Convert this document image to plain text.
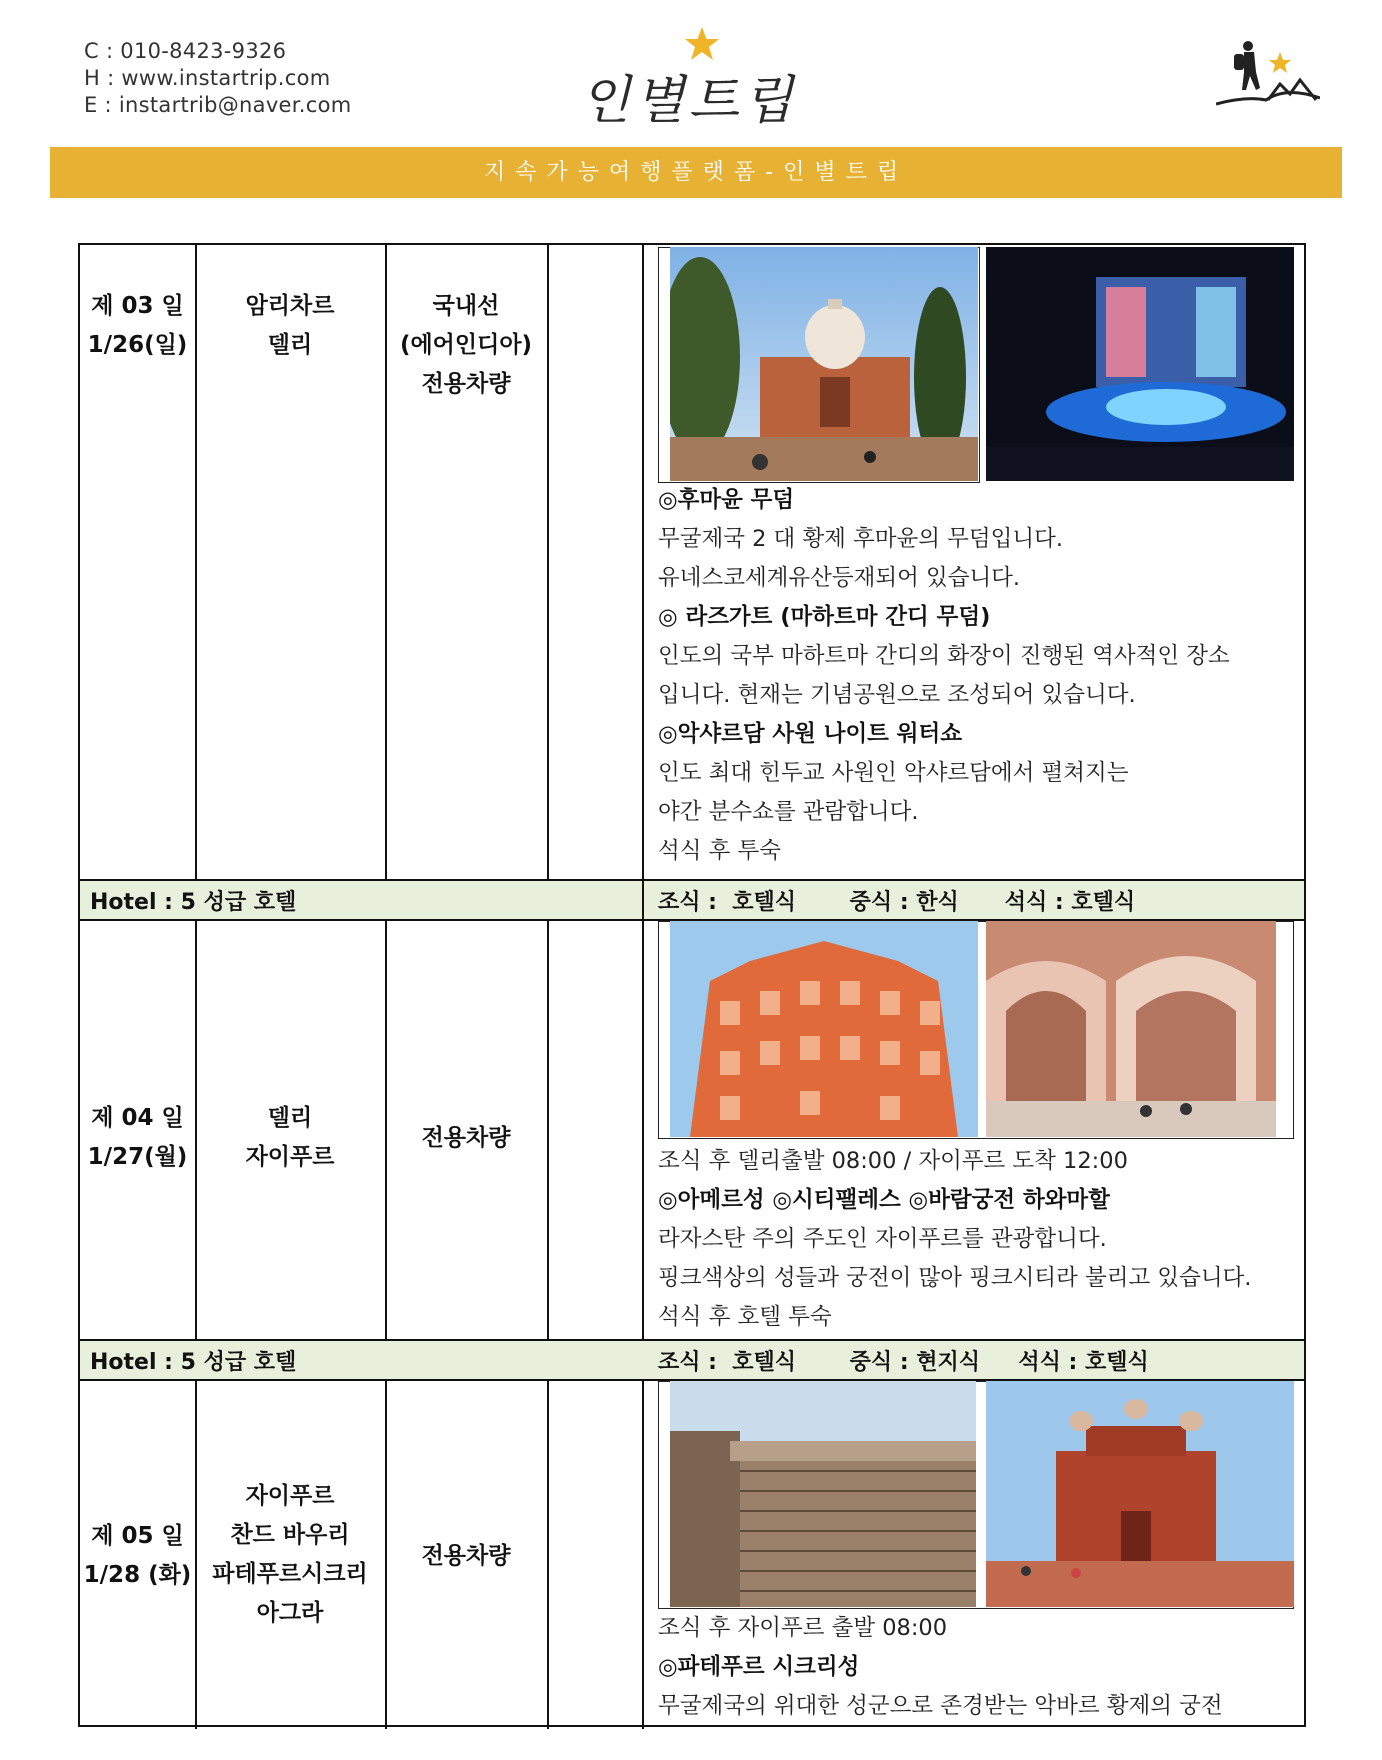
C : 010-8423-9326
H : www.instartrip.com
E : instartrib@naver.com	인별트립
지속가능여행플랫폼-인별트립
Hotel : 5 성급 호텔
Hotel : 5 성급 호텔
조식 :  호텔식       중식 : 한식      석식 : 호텔식
조식 :  호텔식       중식 : 현지식     석식 : 호텔식
제 03 일
1/26(일)
암리차르
델리
국내선
(에어인디아)
전용차량
◎후마윤 무덤
무굴제국 2 대 황제 후마윤의 무덤입니다.
유네스코세계유산등재되어 있습니다.
◎ 라즈가트 (마하트마 간디 무덤)
인도의 국부 마하트마 간디의 화장이 진행된 역사적인 장소
입니다. 현재는 기념공원으로 조성되어 있습니다.
◎악샤르담 사원 나이트 워터쇼
인도 최대 힌두교 사원인 악샤르담에서 펼쳐지는
야간 분수쇼를 관람합니다.
석식 후 투숙
제 04 일
1/27(월)
델리
자이푸르
전용차량
조식 후 델리출발 08:00 / 자이푸르 도착 12:00
◎아메르성 ◎시티팰레스 ◎바람궁전 하와마할
라자스탄 주의 주도인 자이푸르를 관광합니다.
핑크색상의 성들과 궁전이 많아 핑크시티라 불리고 있습니다.
석식 후 호텔 투숙
제 05 일
1/28 (화)
자이푸르
찬드 바우리
파테푸르시크리
아그라
전용차량
조식 후 자이푸르 출발 08:00
◎파테푸르 시크리성
무굴제국의 위대한 성군으로 존경받는 악바르 황제의 궁전
